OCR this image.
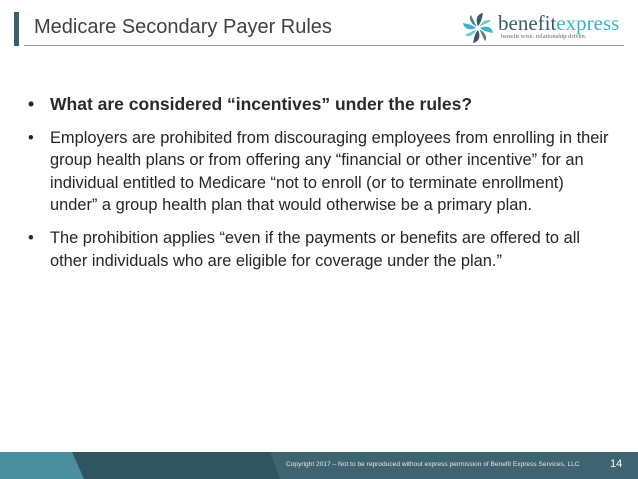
Medicare Secondary Payer Rules	benefitexpress
benefit wise. relationship driven.
• What are considered “incentives” under the rules?
• Employers are prohibited from discouraging employees from enrolling in their group health plans or from offering any “financial or other incentive” for an individual entitled to Medicare “not to enroll (or to terminate enrollment) under” a group health plan that would otherwise be a primary plan.
• The prohibition applies “even if the payments or benefits are offered to all other individuals who are eligible for coverage under the plan.”
Copyright 2017 – Not to be reproduced without express permission of Benefit Express Services, LLC	14
